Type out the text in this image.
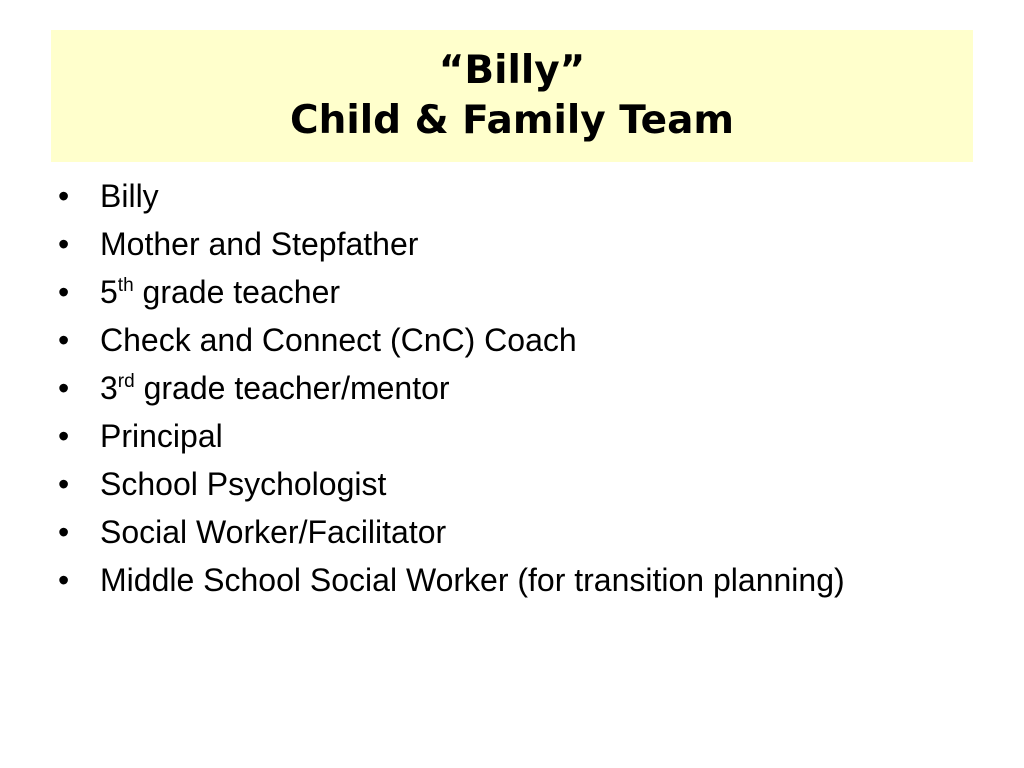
“Billy”
Child & Family Team
• Billy
• Mother and Stepfather
• 5th grade teacher
• Check and Connect (CnC) Coach
• 3rd grade teacher/mentor
• Principal
• School Psychologist
• Social Worker/Facilitator
• Middle School Social Worker (for transition planning)
